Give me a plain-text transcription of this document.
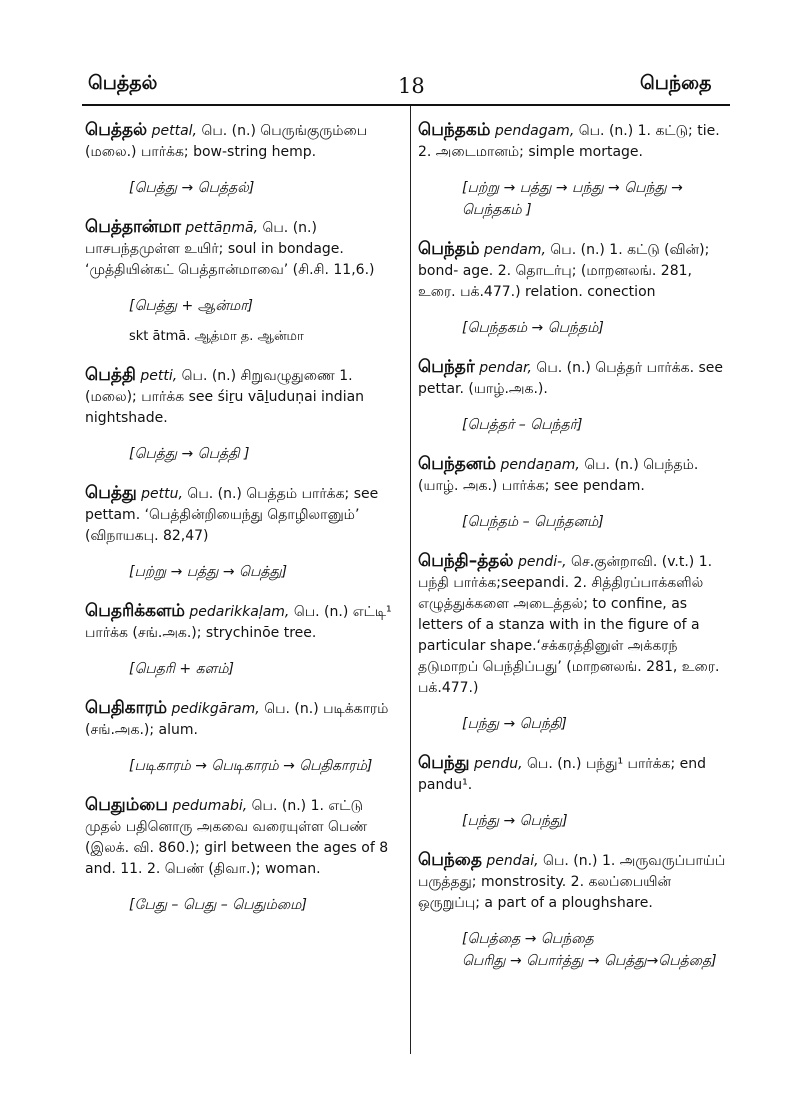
பெத்தல்	18	பெந்தை

பெத்தல் pettal, பெ. (n.) பெருங்குரும்பை (மலை.) பார்க்க; bow-string hemp.

[பெத்து → பெத்தல்]

பெத்தான்மா pettāṉmā, பெ. (n.) பாசபந்தமுள்ள உயிர்; soul in bondage. ‘முத்தியின்கட் பெத்தான்மாவை’ (சி.சி. 11,6.)

[பெத்து + ஆன்மா]
skt ātmā. ஆத்மா த. ஆன்மா

பெத்தி petti, பெ. (n.) சிறுவழுதுணை 1. (மலை); பார்க்க see śiṟu vāḻuduṇai indian nightshade.

[பெத்து → பெத்தி ]

பெத்து pettu, பெ. (n.) பெத்தம் பார்க்க; see pettam. ‘பெத்தின்றியைந்து தொழிலானும்’ (விநாயகபு. 82,47)

[பற்று → பத்து → பெத்து]

பெதரிக்களம் pedarikkaḷam, பெ. (n.) எட்டி¹ பார்க்க (சங்.அக.); strychinōe tree.

[பெதரி + களம்]

பெதிகாரம் pedikgāram, பெ. (n.) படிக்காரம் (சங்.அக.); alum.

[படிகாரம் → பெடிகாரம் → பெதிகாரம்]

பெதும்பை pedumabi, பெ. (n.) 1. எட்டு முதல் பதினொரு அகவை வரையுள்ள பெண் (இலக். வி. 860.); girl between the ages of 8 and. 11. 2. பெண் (திவா.); woman.

[பேது – பெது – பெதும்மை]

பெந்தகம் pendagam, பெ. (n.) 1. கட்டு; tie. 2. அடைமானம்; simple mortage.

[பற்று → பத்து → பந்து → பெந்து → பெந்தகம் ]

பெந்தம் pendam, பெ. (n.) 1. கட்டு (வின்); bond- age. 2. தொடர்பு; (மாறனலங். 281, உரை. பக்.477.) relation. conection

[பெந்தகம் → பெந்தம்]

பெந்தர் pendar, பெ. (n.) பெத்தர் பார்க்க. see pettar. (யாழ்.அக.).

[பெத்தர் – பெந்தர்]

பெந்தனம் pendaṉam, பெ. (n.) பெந்தம். (யாழ். அக.) பார்க்க; see pendam.

[பெந்தம் – பெந்தனம்]

பெந்தி–த்தல் pendi-, செ.குன்றாவி. (v.t.) 1. பந்தி பார்க்க;seepandi. 2. சித்திரப்பாக்களில் எழுத்துக்களை அடைத்தல்; to confine, as letters of a stanza with in the figure of a particular shape.‘சக்கரத்தினுள் அக்கரந் தடுமாறப் பெந்திப்பது’ (மாறனலங். 281, உரை. பக்.477.)

[பந்து → பெந்தி]

பெந்து pendu, பெ. (n.) பந்து¹ பார்க்க; end pandu¹.

[பந்து → பெந்து]

பெந்தை pendai, பெ. (n.) 1. அருவருப்பாய்ப் பருத்தது; monstrosity. 2. கலப்பையின் ஒருறுப்பு; a part of a ploughshare.

[பெத்தை → பெந்தை
பெரிது → பொர்த்து → பெத்து→பெத்தை]
